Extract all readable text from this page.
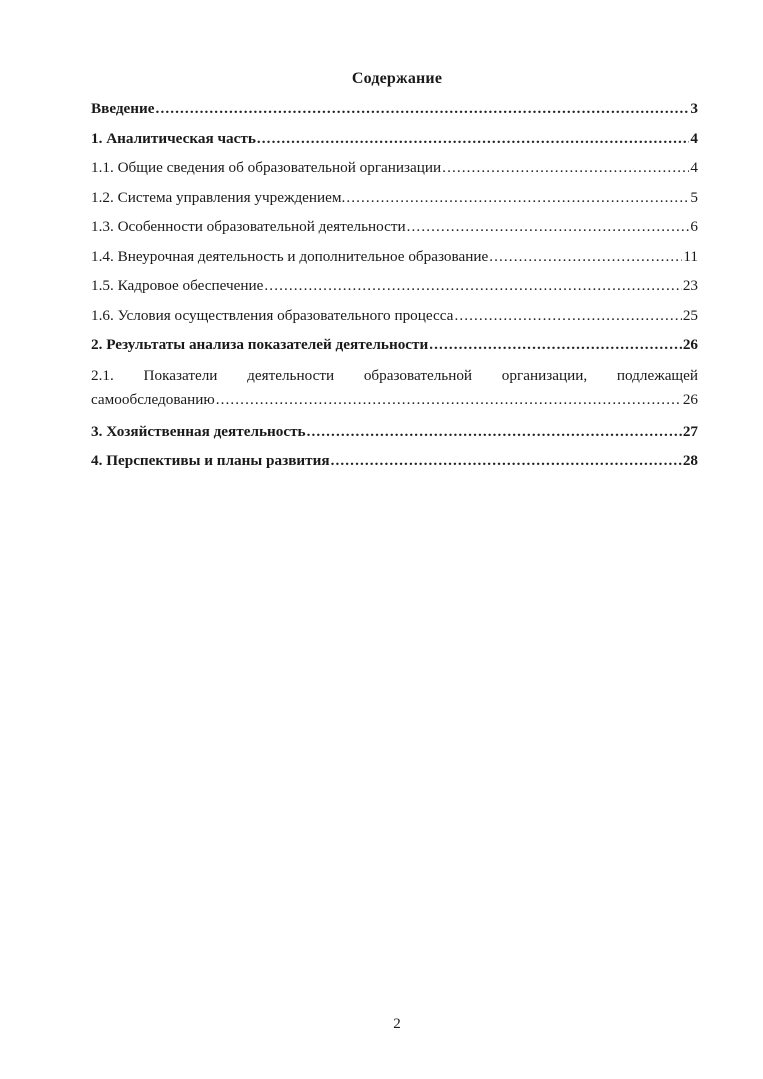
Содержание
Введение .....	3
1. Аналитическая часть .....	4
1.1. Общие сведения об образовательной организации .....	4
1.2. Система управления учреждением. .....	5
1.3. Особенности образовательной деятельности .....	6
1.4. Внеурочная деятельность и дополнительное образование .....	11
1.5. Кадровое обеспечение .....	23
1.6. Условия осуществления образовательного процесса .....	25
2. Результаты анализа показателей деятельности .....	26
2.1. Показатели деятельности образовательной организации, подлежащей
самообследованию .....	26
3. Хозяйственная деятельность .....	27
4. Перспективы и планы развития .....	28
2
